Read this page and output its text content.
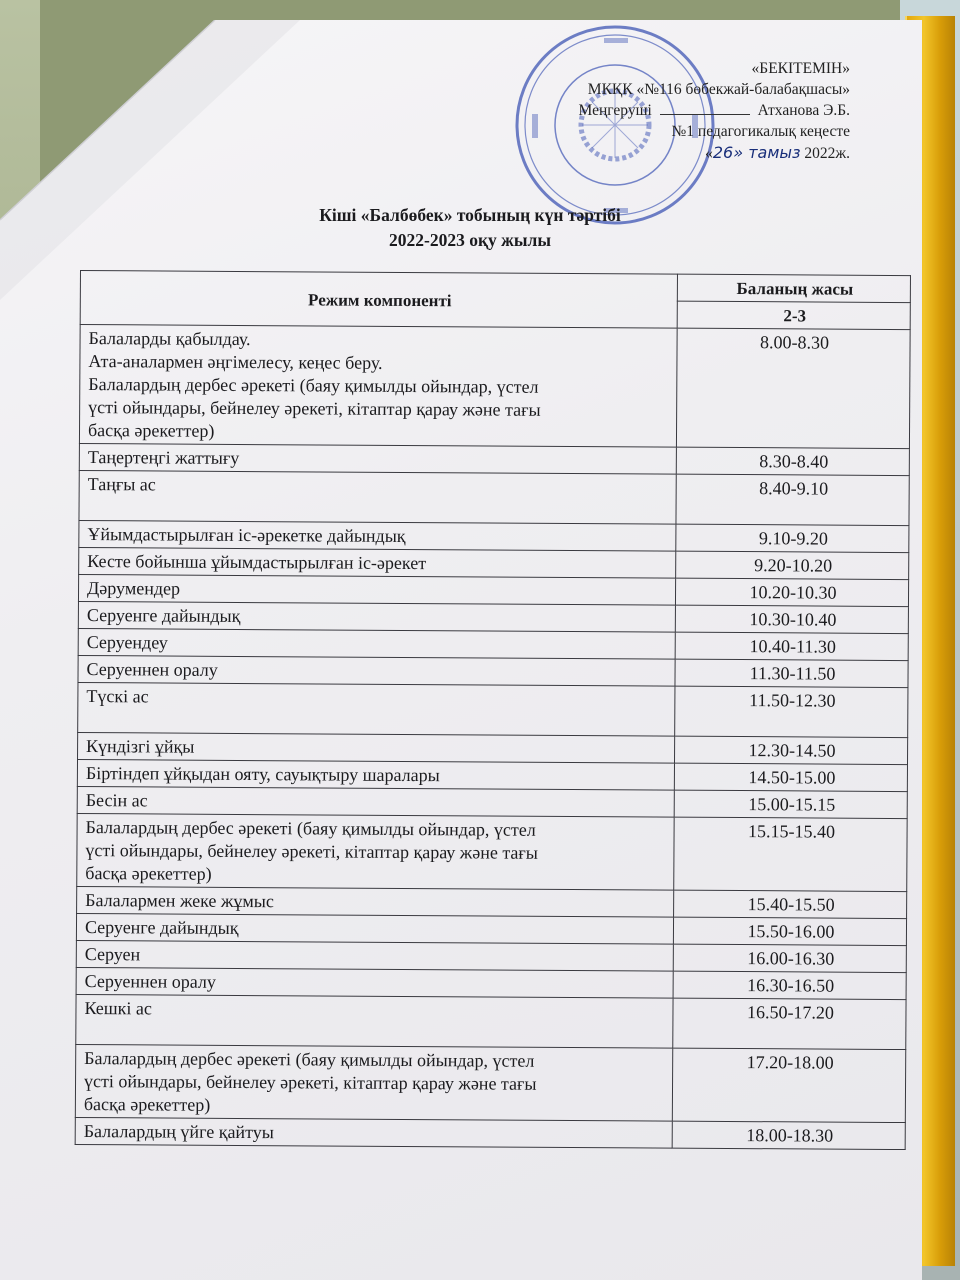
«БЕКІТЕМІН»
МКҚК «№116 бөбекжай-балабақшасы»
Меңгеруші	Атханова Э.Б.
№1 педагогикалық кеңесте
«26» тамыз 2022ж.
Кіші «Балбөбек» тобының күн тәртібі
2022-2023 оқу жылы
Режим компоненті	Баланың жасы
	2-3

Балаларды қабылдау.
Ата-аналармен әңгімелесу, кеңес беру.
Балалардың дербес әрекеті (баяу қимылды ойындар, үстел
үсті ойындары, бейнелеу әрекеті, кітаптар қарау және тағы
басқа әрекеттер)	8.00-8.30

Таңертеңгі жаттығу	8.30-8.40

Таңғы ас	8.40-9.10

Ұйымдастырылған іс-әрекетке дайындық	9.10-9.20

Кесте бойынша ұйымдастырылған іс-әрекет	9.20-10.20

Дәрумендер	10.20-10.30

Серуенге дайындық	10.30-10.40

Серуендеу	10.40-11.30

Серуеннен оралу	11.30-11.50

Түскі ас	11.50-12.30

Күндізгі ұйқы	12.30-14.50

Біртіндеп ұйқыдан ояту, сауықтыру шаралары	14.50-15.00

Бесін ас	15.00-15.15

Балалардың дербес әрекеті (баяу қимылды ойындар, үстел
үсті ойындары, бейнелеу әрекеті, кітаптар қарау және тағы
басқа әрекеттер)	15.15-15.40

Балалармен жеке жұмыс	15.40-15.50

Серуенге дайындық	15.50-16.00

Серуен	16.00-16.30

Серуеннен оралу	16.30-16.50

Кешкі ас	16.50-17.20

Балалардың дербес әрекеті (баяу қимылды ойындар, үстел
үсті ойындары, бейнелеу әрекеті, кітаптар қарау және тағы
басқа әрекеттер)	17.20-18.00

Балалардың үйге қайтуы	18.00-18.30
